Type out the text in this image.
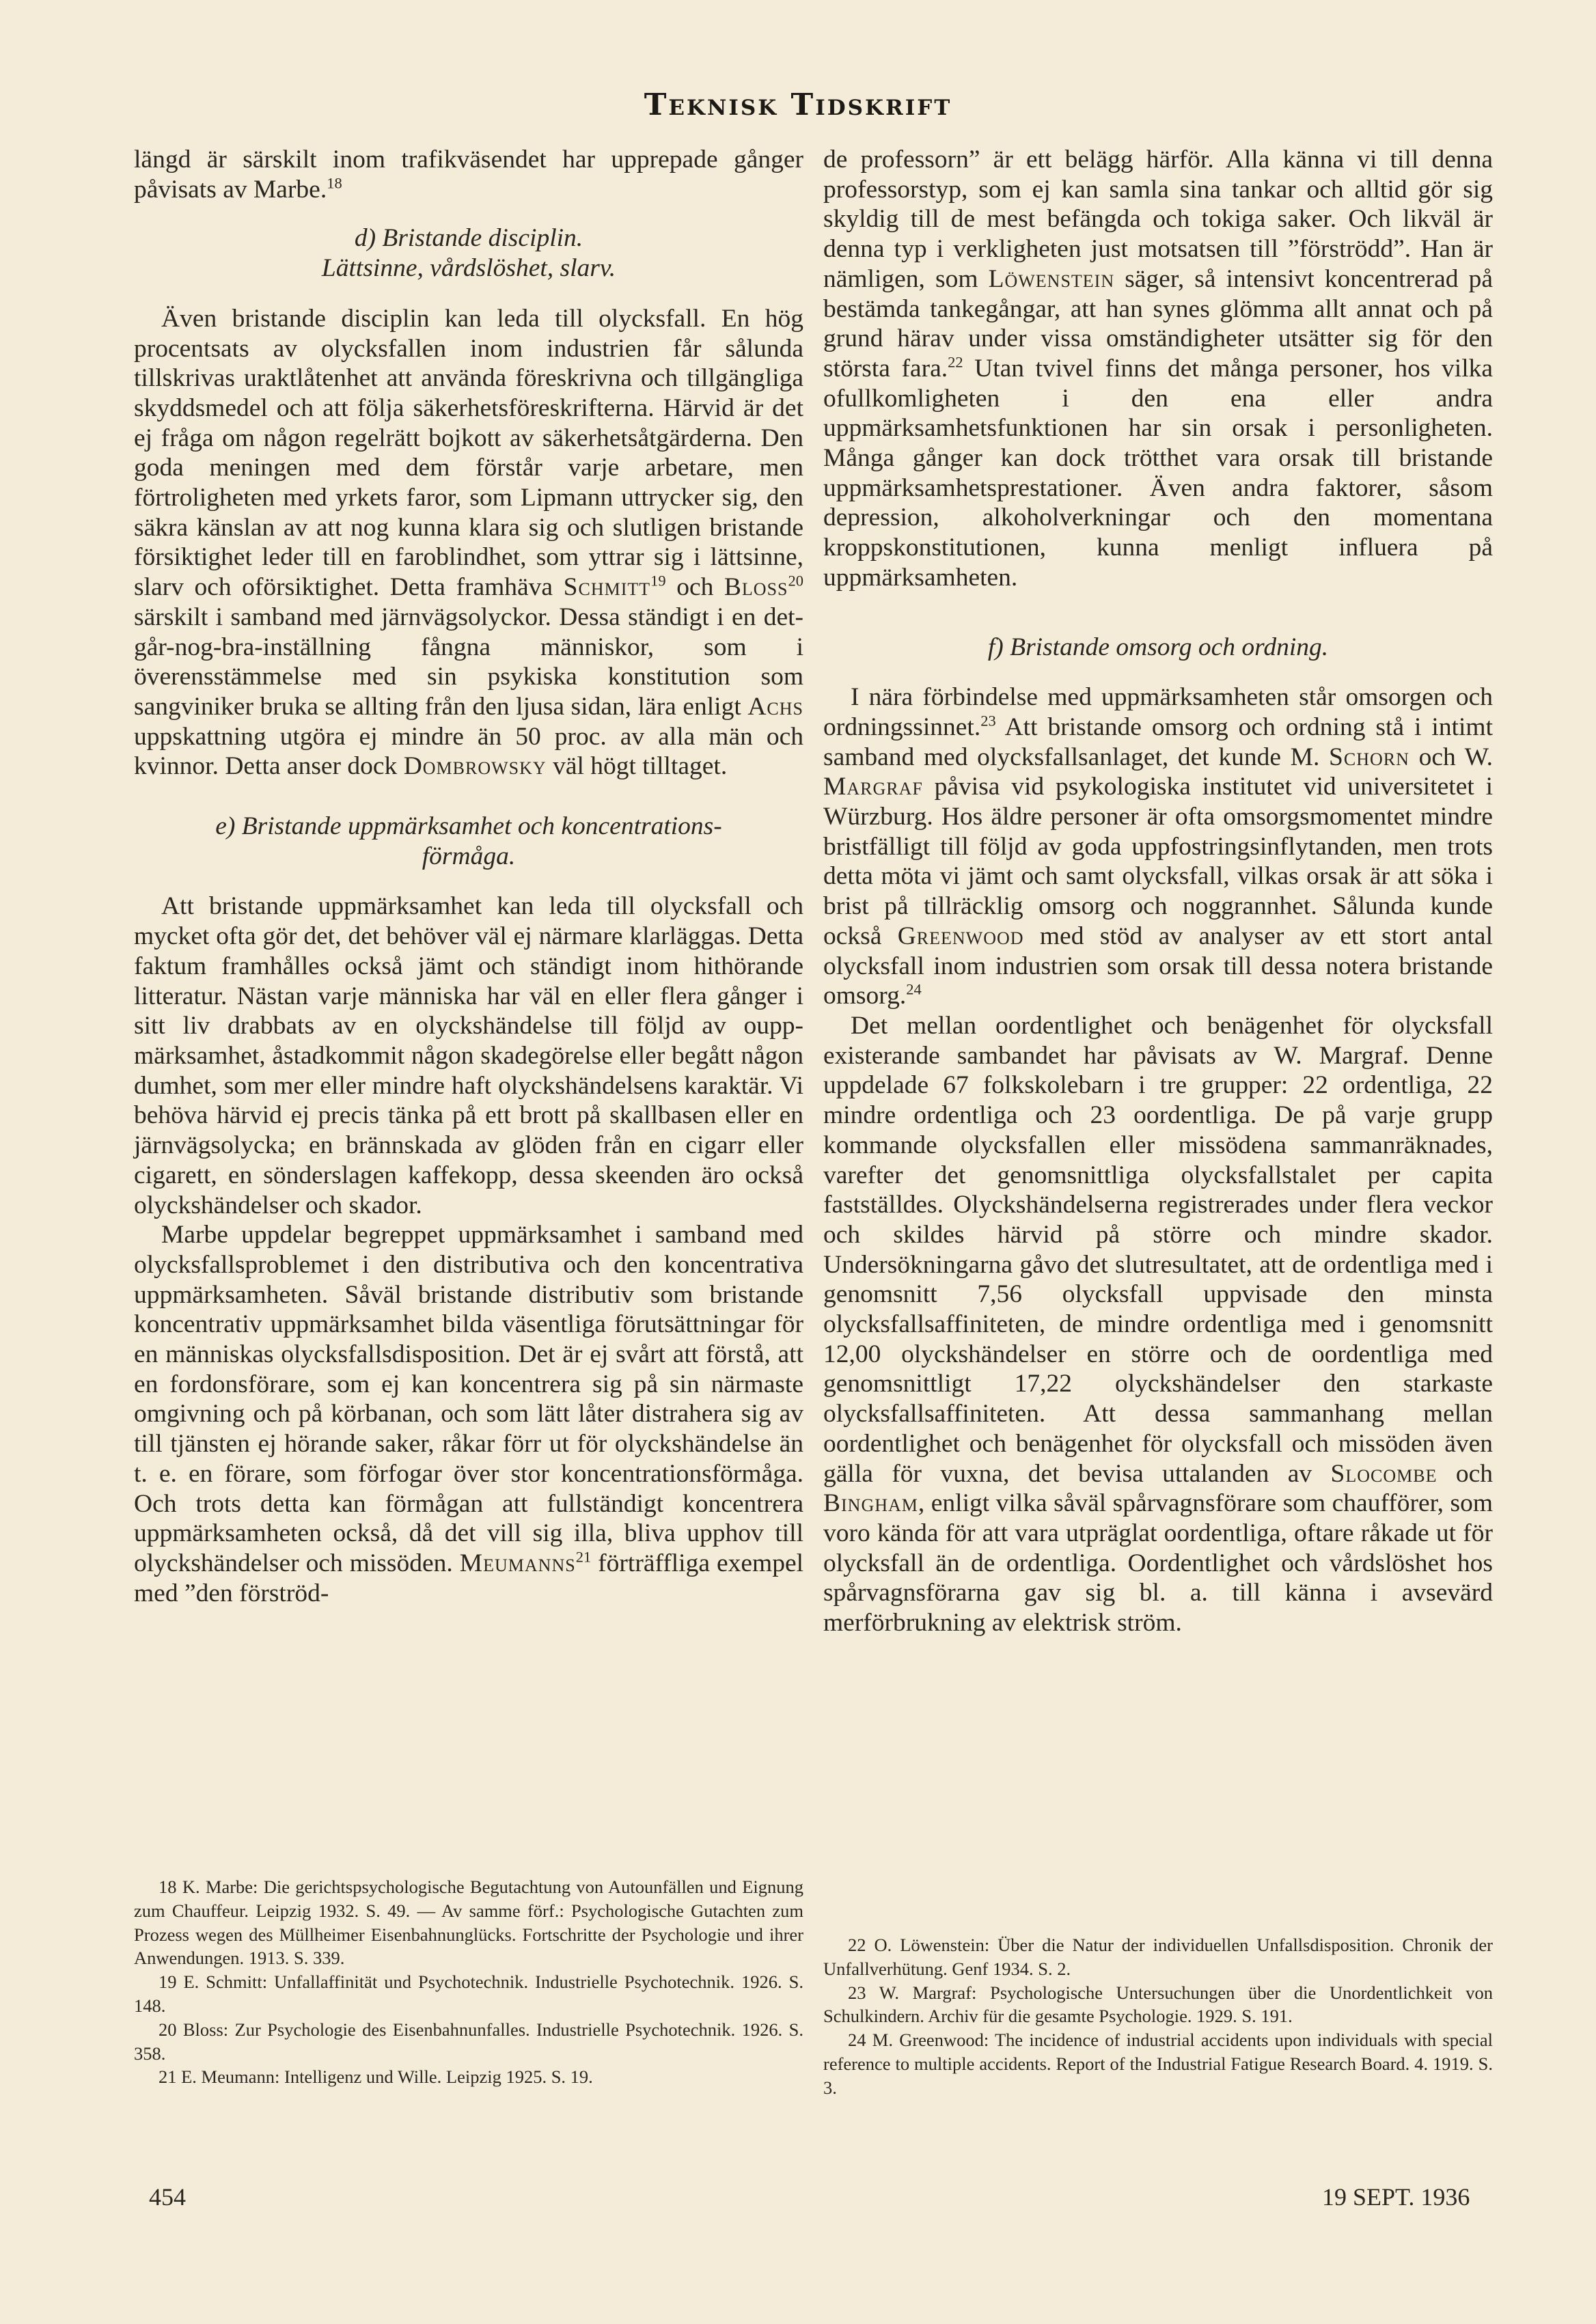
Teknisk Tidskrift

längd är särskilt inom trafikväsendet har upprepade gånger påvisats av Marbe.$^{18}$

d) Bristande disciplin.
Lättsinne, vårdslöshet, slarv.

Även bristande disciplin kan leda till olycksfall. En hög procentsats av olycksfallen inom industrien får sålunda tillskrivas uraktlåtenhet att använda föreskrivna och tillgängliga skyddsmedel och att följa säkerhetsföreskrifterna. Härvid är det ej fråga om någon regelrätt bojkott av säkerhetsåtgärderna. Den goda meningen med dem förstår varje arbetare, men förtroligheten med yrkets faror, som Lipmann uttrycker sig, den säkra känslan av att nog kunna klara sig och slutligen bristande försiktighet leder till en faroblindhet, som yttrar sig i lättsinne, slarv och oförsiktighet. Detta framhäva Schmitt$^{19}$ och Bloss$^{20}$ särskilt i samband med järnvägsolyckor. Dessa ständigt i en det-går-nog-bra-inställning fångna människor, som i överensstämmelse med sin psykiska konstitution som sangviniker bruka se allting från den ljusa sidan, lära enligt Achs uppskattning utgöra ej mindre än 50 proc. av alla män och kvinnor. Detta anser dock Dombrowsky väl högt tilltaget.

e) Bristande uppmärksamhet och koncentrations-
förmåga.

Att bristande uppmärksamhet kan leda till olycksfall och mycket ofta gör det, det behöver väl ej närmare klarläggas. Detta faktum framhålles också jämt och ständigt inom hithörande litteratur. Nästan varje människa har väl en eller flera gånger i sitt liv drabbats av en olyckshändelse till följd av oupp-märksamhet, åstadkommit någon skadegörelse eller begått någon dumhet, som mer eller mindre haft olyckshändelsens karaktär. Vi behöva härvid ej precis tänka på ett brott på skallbasen eller en järnvägsolycka; en brännskada av glöden från en cigarr eller cigarett, en sönderslagen kaffekopp, dessa skeenden äro också olyckshändelser och skador.

Marbe uppdelar begreppet uppmärksamhet i samband med olycksfallsproblemet i den distributiva och den koncentrativa uppmärksamheten. Såväl bristande distributiv som bristande koncentrativ uppmärksamhet bilda väsentliga förutsättningar för en människas olycksfallsdisposition. Det är ej svårt att förstå, att en fordonsförare, som ej kan koncentrera sig på sin närmaste omgivning och på körbanan, och som lätt låter distrahera sig av till tjänsten ej hörande saker, råkar förr ut för olyckshändelse än t. e. en förare, som förfogar över stor koncentrationsförmåga. Och trots detta kan förmågan att fullständigt koncentrera uppmärksamheten också, då det vill sig illa, bliva upphov till olyckshändelser och missöden. Meumanns$^{21}$ förträffliga exempel med ”den förströd-

de professorn” är ett belägg härför. Alla känna vi till denna professorstyp, som ej kan samla sina tankar och alltid gör sig skyldig till de mest befängda och tokiga saker. Och likväl är denna typ i verkligheten just motsatsen till ”förströdd”. Han är nämligen, som Löwenstein säger, så intensivt koncentrerad på bestämda tankegångar, att han synes glömma allt annat och på grund härav under vissa omständigheter utsätter sig för den största fara.$^{22}$ Utan tvivel finns det många personer, hos vilka ofullkomligheten i den ena eller andra uppmärksamhetsfunktionen har sin orsak i personligheten. Många gånger kan dock trötthet vara orsak till bristande uppmärksamhetsprestationer. Även andra faktorer, såsom depression, alkoholverkningar och den momentana kroppskonstitutionen, kunna menligt influera på uppmärksamheten.

f) Bristande omsorg och ordning.

I nära förbindelse med uppmärksamheten står omsorgen och ordningssinnet.$^{23}$ Att bristande omsorg och ordning stå i intimt samband med olycksfallsanlaget, det kunde M. Schorn och W. Margraf påvisa vid psykologiska institutet vid universitetet i Würzburg. Hos äldre personer är ofta omsorgsmomentet mindre bristfälligt till följd av goda uppfostringsinflytanden, men trots detta möta vi jämt och samt olycksfall, vilkas orsak är att söka i brist på tillräcklig omsorg och noggrannhet. Sålunda kunde också Greenwood med stöd av analyser av ett stort antal olycksfall inom industrien som orsak till dessa notera bristande omsorg.$^{24}$

Det mellan oordentlighet och benägenhet för olycksfall existerande sambandet har påvisats av W. Margraf. Denne uppdelade 67 folkskolebarn i tre grupper: 22 ordentliga, 22 mindre ordentliga och 23 oordentliga. De på varje grupp kommande olycksfallen eller missödena sammanräknades, varefter det genomsnittliga olycksfallstalet per capita fastställdes. Olyckshändelserna registrerades under flera veckor och skildes härvid på större och mindre skador. Undersökningarna gåvo det slutresultatet, att de ordentliga med i genomsnitt 7,56 olycksfall uppvisade den minsta olycksfallsaffiniteten, de mindre ordentliga med i genomsnitt 12,00 olyckshändelser en större och de oordentliga med genomsnittligt 17,22 olyckshändelser den starkaste olycksfallsaffiniteten. Att dessa sammanhang mellan oordentlighet och benägenhet för olycksfall och missöden även gälla för vuxna, det bevisa uttalanden av Slocombe och Bingham, enligt vilka såväl spårvagnsförare som chaufförer, som voro kända för att vara utpräglat oordentliga, oftare råkade ut för olycksfall än de ordentliga. Oordentlighet och vårdslöshet hos spårvagnsförarna gav sig bl. a. till känna i avsevärd merförbrukning av elektrisk ström.

18 K. Marbe: Die gerichtspsychologische Begutachtung von Autounfällen und Eignung zum Chauffeur. Leipzig 1932. S. 49. — Av samme förf.: Psychologische Gutachten zum Prozess wegen des Müllheimer Eisenbahnunglücks. Fortschritte der Psychologie und ihrer Anwendungen. 1913. S. 339.

19 E. Schmitt: Unfallaffinität und Psychotechnik. Industrielle Psychotechnik. 1926. S. 148.

20 Bloss: Zur Psychologie des Eisenbahnunfalles. Industrielle Psychotechnik. 1926. S. 358.

21 E. Meumann: Intelligenz und Wille. Leipzig 1925. S. 19.

22 O. Löwenstein: Über die Natur der individuellen Unfallsdisposition. Chronik der Unfallverhütung. Genf 1934. S. 2.

23 W. Margraf: Psychologische Untersuchungen über die Unordentlichkeit von Schulkindern. Archiv für die gesamte Psychologie. 1929. S. 191.

24 M. Greenwood: The incidence of industrial accidents upon individuals with special reference to multiple accidents. Report of the Industrial Fatigue Research Board. 4. 1919. S. 3.

454	19 SEPT. 1936
